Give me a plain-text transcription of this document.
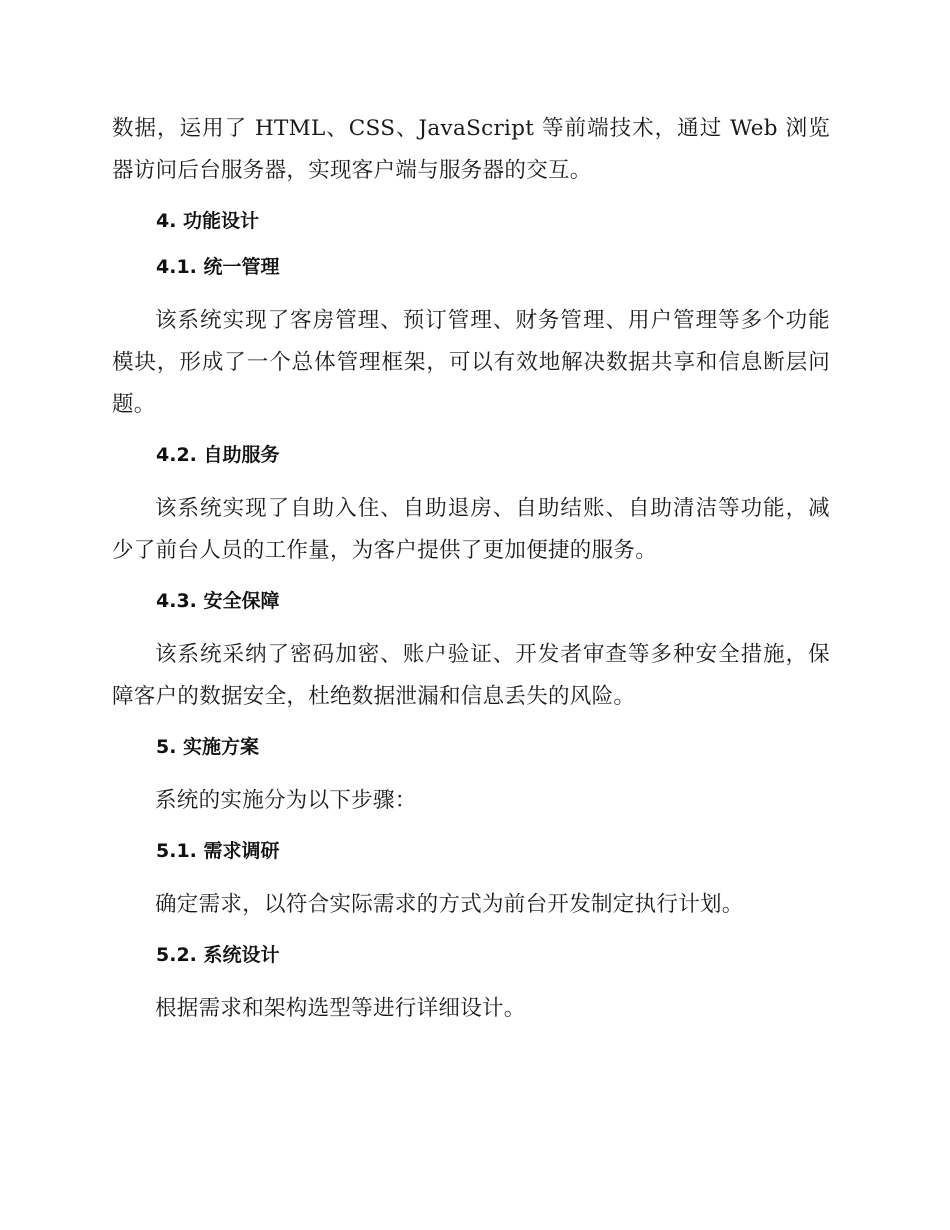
数据，运用了 HTML、CSS、JavaScript 等前端技术，通过 Web 浏览器访问后台服务器，实现客户端与服务器的交互。

4. 功能设计
4.1. 统一管理

该系统实现了客房管理、预订管理、财务管理、用户管理等多个功能模块，形成了一个总体管理框架，可以有效地解决数据共享和信息断层问题。

4.2. 自助服务

该系统实现了自助入住、自助退房、自助结账、自助清洁等功能，减少了前台人员的工作量，为客户提供了更加便捷的服务。

4.3. 安全保障

该系统采纳了密码加密、账户验证、开发者审查等多种安全措施，保障客户的数据安全，杜绝数据泄漏和信息丢失的风险。

5. 实施方案

系统的实施分为以下步骤：

5.1. 需求调研

确定需求，以符合实际需求的方式为前台开发制定执行计划。

5.2. 系统设计

根据需求和架构选型等进行详细设计。
